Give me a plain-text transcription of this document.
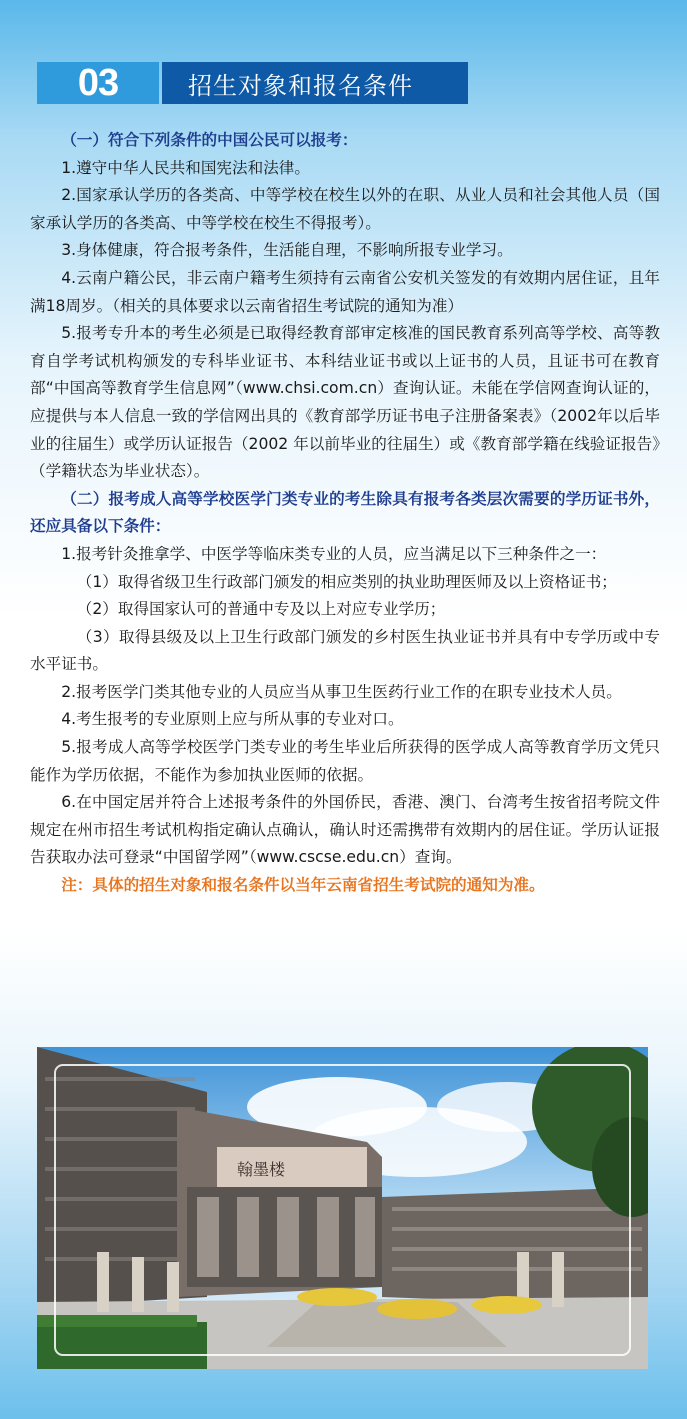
03	招生对象和报名条件

（一）符合下列条件的中国公民可以报考：

1.遵守中华人民共和国宪法和法律。

2.国家承认学历的各类高、中等学校在校生以外的在职、从业人员和社会其他人员（国家承认学历的各类高、中等学校在校生不得报考）。

3.身体健康，符合报考条件，生活能自理，不影响所报专业学习。

4.云南户籍公民，非云南户籍考生须持有云南省公安机关签发的有效期内居住证，且年满18周岁。（相关的具体要求以云南省招生考试院的通知为准）

5.报考专升本的考生必须是已取得经教育部审定核准的国民教育系列高等学校、高等教育自学考试机构颁发的专科毕业证书、本科结业证书或以上证书的人员，且证书可在教育部“中国高等教育学生信息网”（www.chsi.com.cn）查询认证。未能在学信网查询认证的，应提供与本人信息一致的学信网出具的《教育部学历证书电子注册备案表》（2002年以后毕业的往届生）或学历认证报告（2002 年以前毕业的往届生）或《教育部学籍在线验证报告》（学籍状态为毕业状态）。

（二）报考成人高等学校医学门类专业的考生除具有报考各类层次需要的学历证书外，还应具备以下条件：

1.报考针灸推拿学、中医学等临床类专业的人员，应当满足以下三种条件之一：

（1）取得省级卫生行政部门颁发的相应类别的执业助理医师及以上资格证书；

（2）取得国家认可的普通中专及以上对应专业学历；

（3）取得县级及以上卫生行政部门颁发的乡村医生执业证书并具有中专学历或中专水平证书。

2.报考医学门类其他专业的人员应当从事卫生医药行业工作的在职专业技术人员。

4.考生报考的专业原则上应与所从事的专业对口。

5.报考成人高等学校医学门类专业的考生毕业后所获得的医学成人高等教育学历文凭只能作为学历依据，不能作为参加执业医师的依据。

6.在中国定居并符合上述报考条件的外国侨民，香港、澳门、台湾考生按省招考院文件规定在州市招生考试机构指定确认点确认，确认时还需携带有效期内的居住证。学历认证报告获取办法可登录“中国留学网”（www.cscse.edu.cn）查询。

注：具体的招生对象和报名条件以当年云南省招生考试院的通知为准。

翰墨楼
